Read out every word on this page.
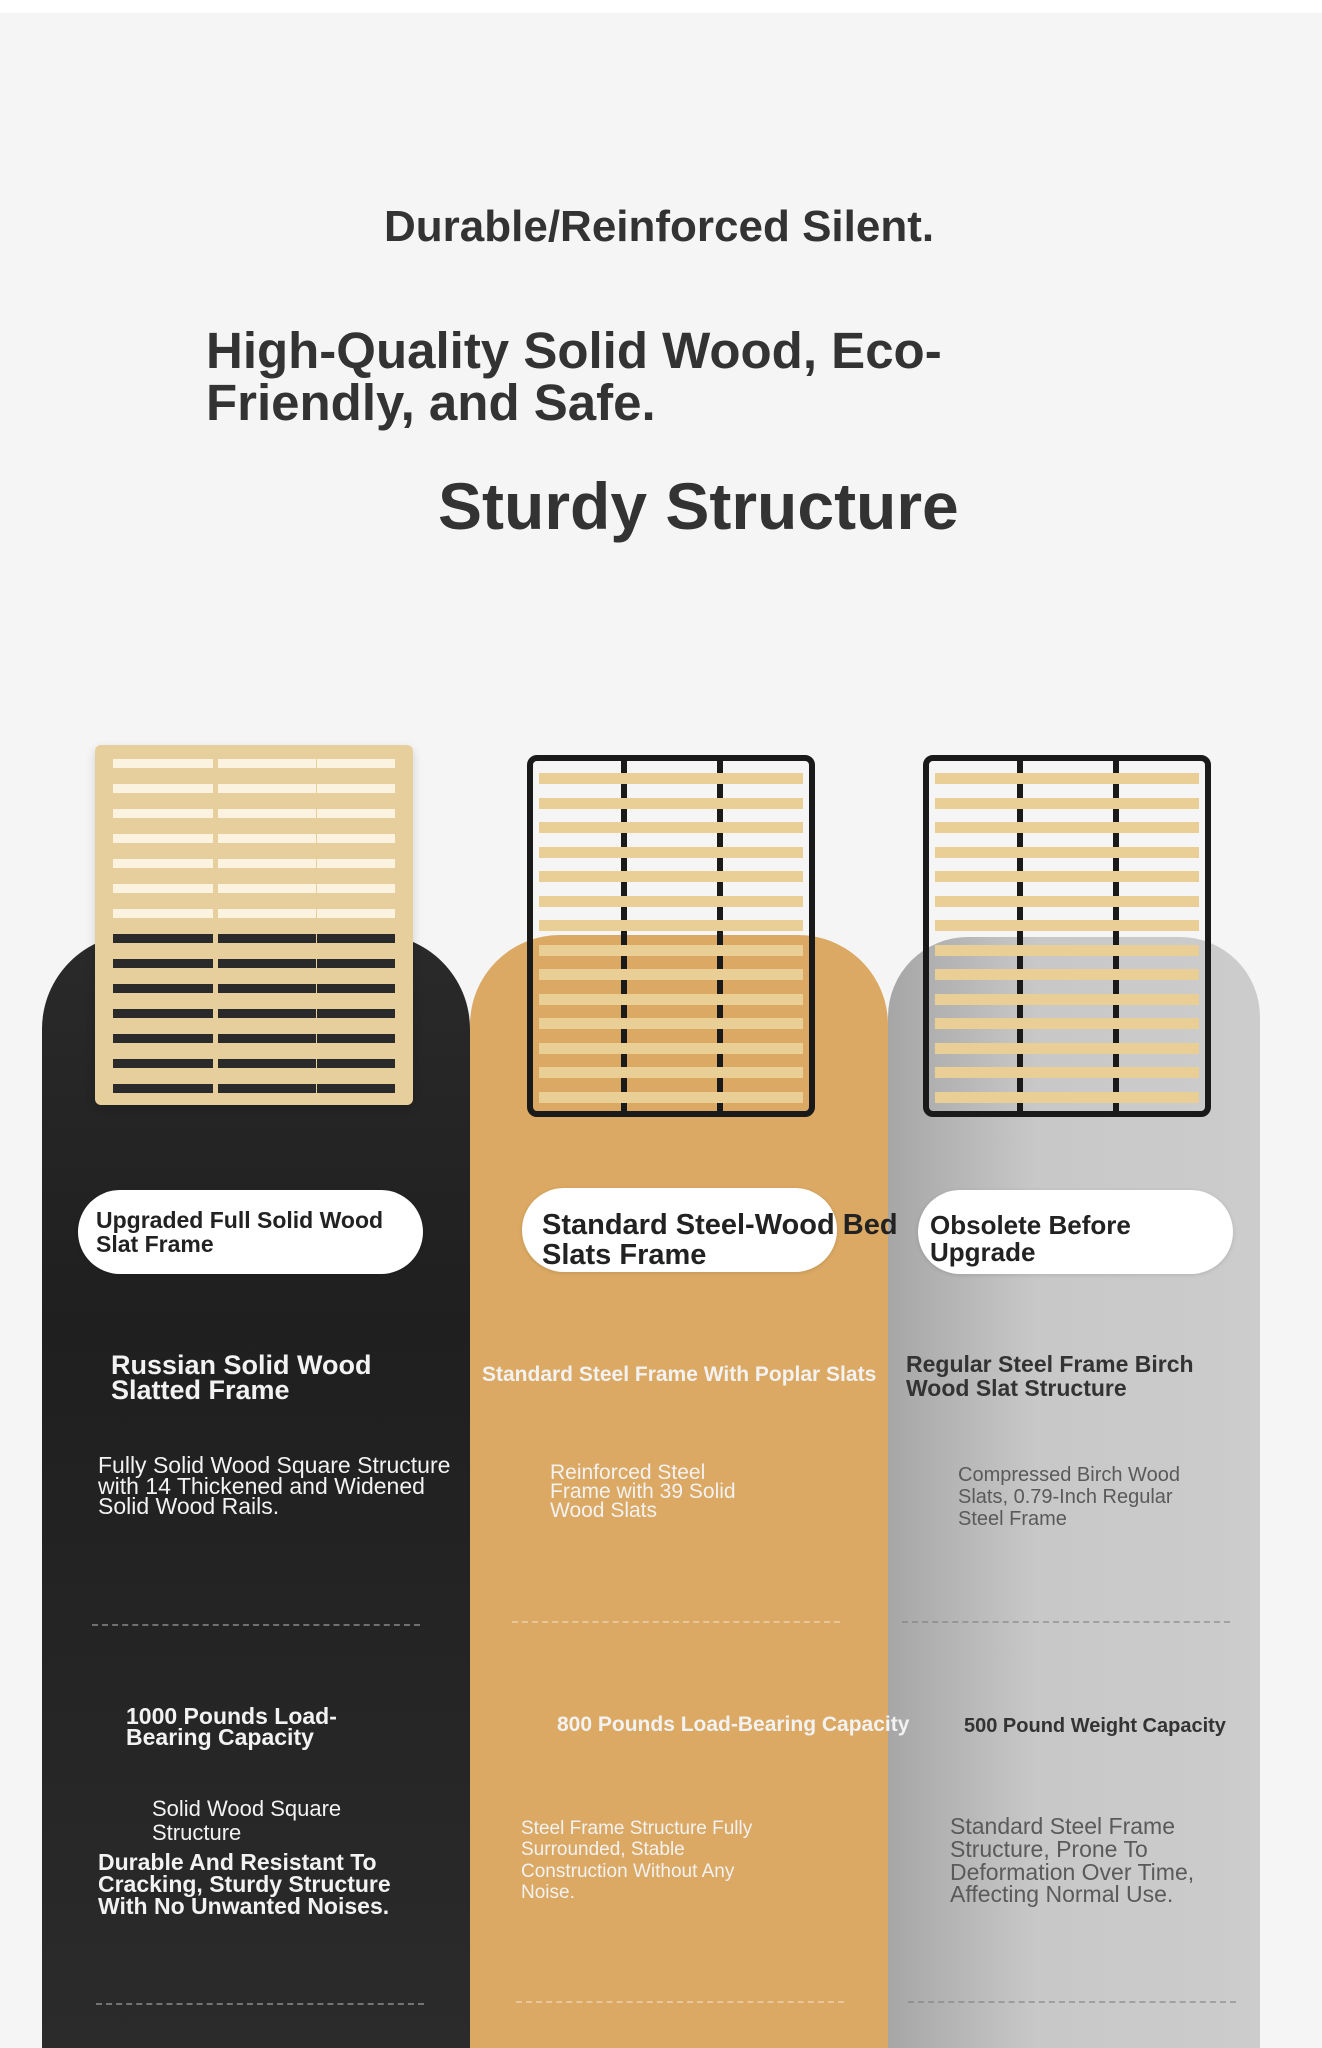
Durable/Reinforced Silent.
High-Quality Solid Wood, Eco-Friendly, and Safe.
Sturdy Structure
Upgraded Full Solid Wood Slat Frame
Standard Steel-Wood Bed Slats Frame
Obsolete Before Upgrade
Russian Solid Wood Slatted Frame
Fully Solid Wood Square Structure with 14 Thickened and Widened Solid Wood Rails.
1000 Pounds Load-Bearing Capacity
Solid Wood Square Structure
Durable And Resistant To Cracking, Sturdy Structure With No Unwanted Noises.
Standard Steel Frame With Poplar Slats
Reinforced Steel Frame with 39 Solid Wood Slats
800 Pounds Load-Bearing Capacity
Steel Frame Structure Fully Surrounded, Stable Construction Without Any Noise.
Regular Steel Frame Birch Wood Slat Structure
Compressed Birch Wood Slats, 0.79-Inch Regular Steel Frame
500 Pound Weight Capacity
Standard Steel Frame Structure, Prone To Deformation Over Time, Affecting Normal Use.
